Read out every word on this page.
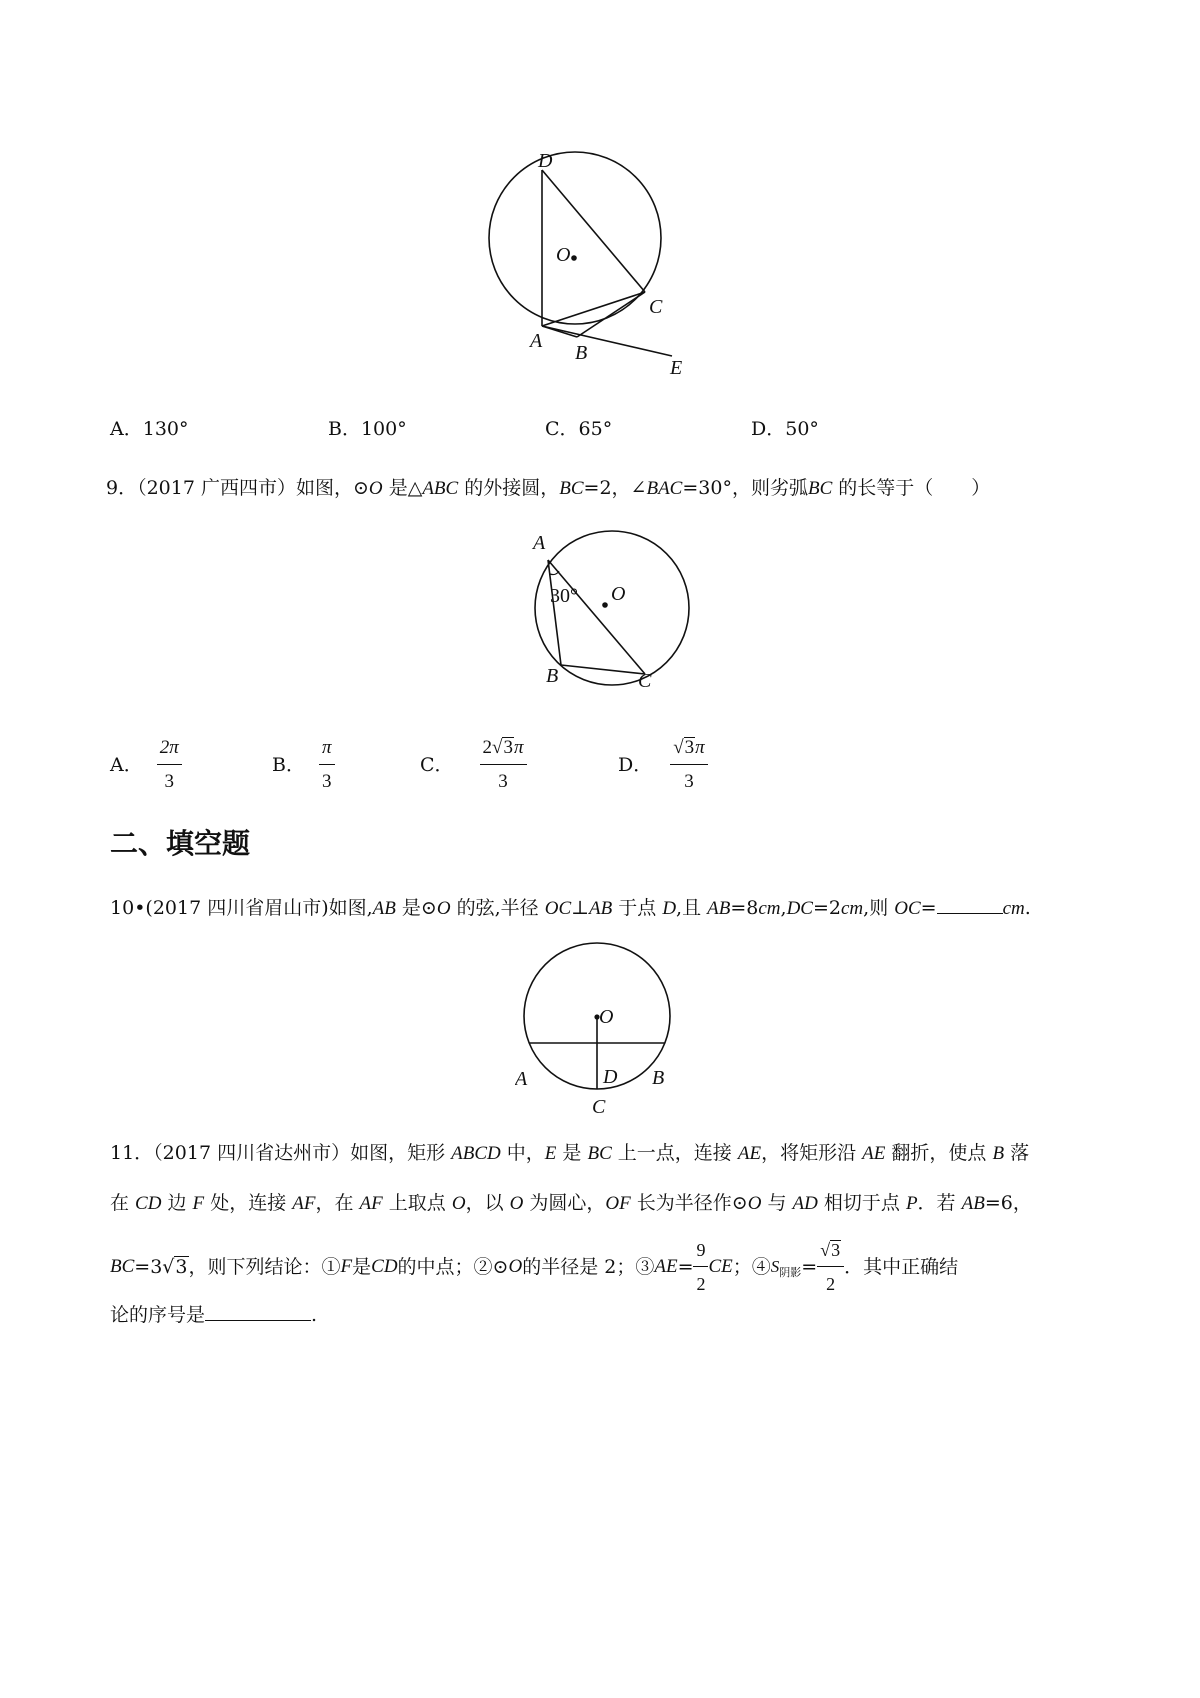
D
O
C
A
B
E
A．130°	B．100°	C．65°	D．50°
9．（2017 广西四市）如图，⊙O 是△ABC 的外接圆，BC=2，∠BAC=30°，则劣弧BC 的长等于（　　）
A
30° O
B	C
A． $\frac{2\pi}{3}$	B． $\frac{\pi}{3}$	C． $\frac{2√3\pi}{3}$	D． $\frac{√3\pi}{3}$
二、填空题
10•(2017 四川省眉山市)如图,AB 是⊙O 的弦,半径 OC⊥AB 于点 D,且 AB=8cm,DC=2cm,则 OC=	cm.
O
A	D B
C
11．（2017 四川省达州市）如图，矩形 ABCD 中，E 是 BC 上一点，连接 AE，将矩形沿 AE 翻折，使点 B 落
在 CD 边 F 处，连接 AF，在 AF 上取点 O，以 O 为圆心，OF 长为半径作⊙O 与 AD 相切于点 P．若 AB=6，
BC =3 √ 3 ，则下列结论：① F 是 CD 的中点；②⊙ O 的半径是 2；③ AE = $\frac{9}{2}$ CE ；④ S 阴影 = $\frac{√3}{2}$ ．其中正确结
论的序号是	.
